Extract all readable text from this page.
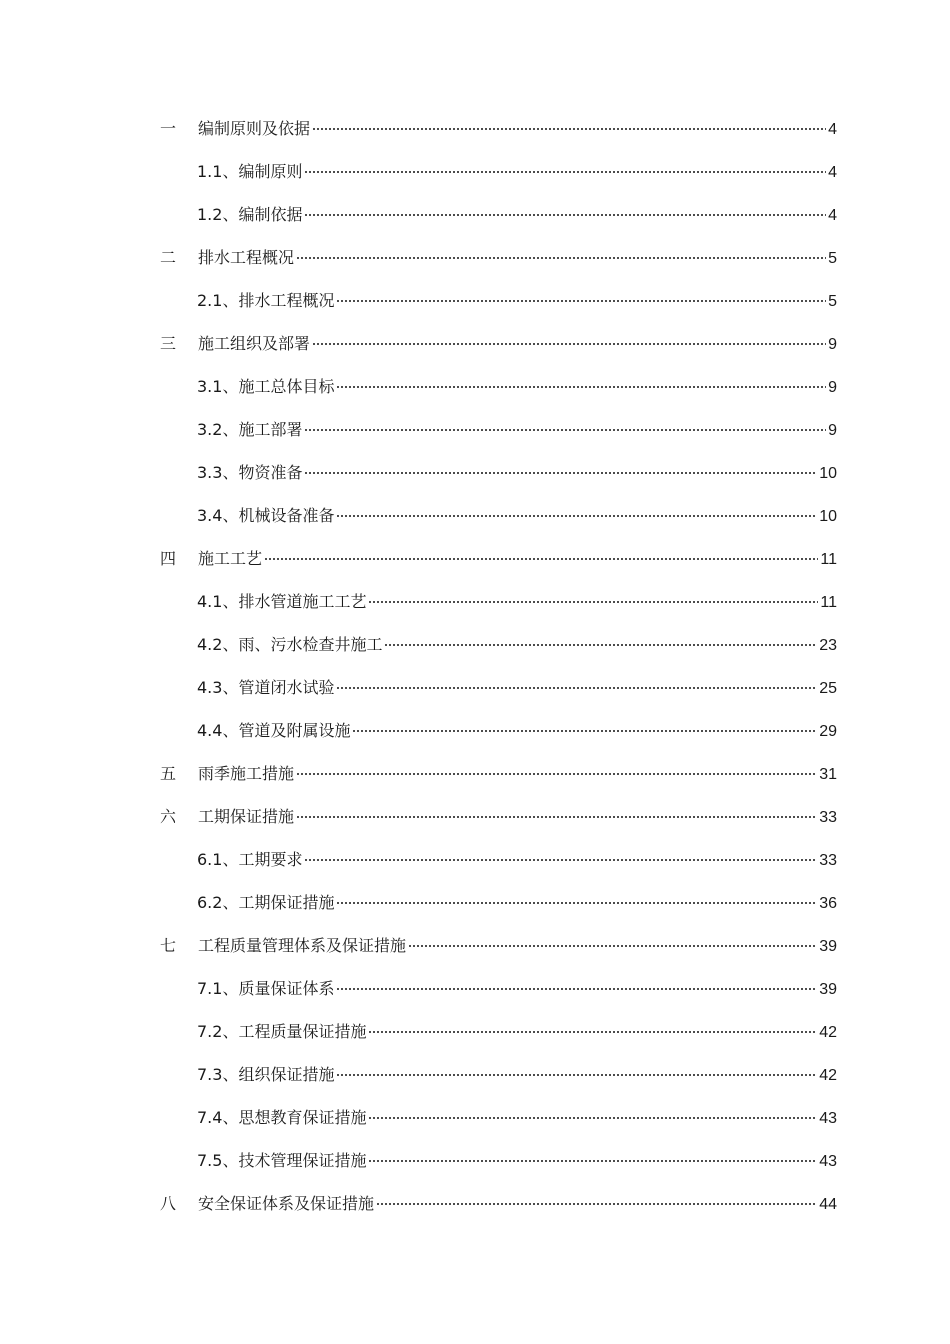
一	编制原则及依据	4
1.1、编制原则	4
1.2、编制依据	4
二	排水工程概况	5
2.1、排水工程概况	5
三	施工组织及部署	9
3.1、施工总体目标	9
3.2、施工部署	9
3.3、物资准备	10
3.4、机械设备准备	10
四	施工工艺	11
4.1、排水管道施工工艺	11
4.2、雨、污水检查井施工	23
4.3、管道闭水试验	25
4.4、管道及附属设施	29
五	雨季施工措施	31
六	工期保证措施	33
6.1、工期要求	33
6.2、工期保证措施	36
七	工程质量管理体系及保证措施	39
7.1、质量保证体系	39
7.2、工程质量保证措施	42
7.3、组织保证措施	42
7.4、思想教育保证措施	43
7.5、技术管理保证措施	43
八	安全保证体系及保证措施	44
